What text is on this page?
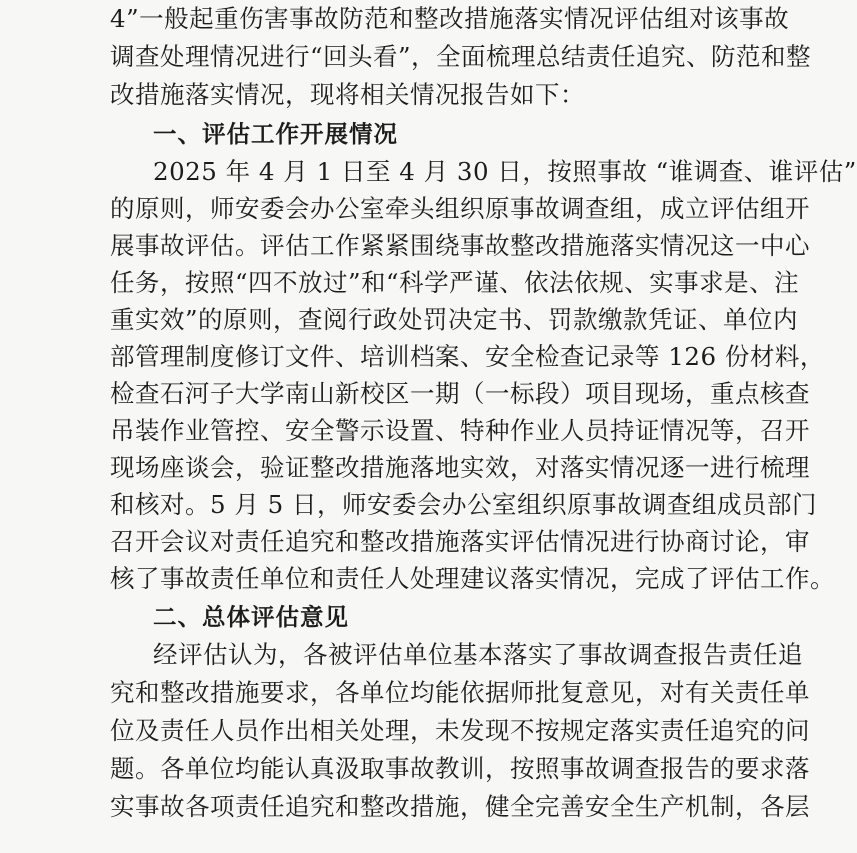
4”一般起重伤害事故防范和整改措施落实情况评估组对该事故
调查处理情况进行“回头看”，全面梳理总结责任追究、防范和整
改措施落实情况，现将相关情况报告如下：
一、评估工作开展情况
2025 年 4 月 1 日至 4 月 30 日，按照事故 “谁调查、谁评估”
的原则，师安委会办公室牵头组织原事故调查组，成立评估组开
展事故评估。评估工作紧紧围绕事故整改措施落实情况这一中心
任务，按照“四不放过”和“科学严谨、依法依规、实事求是、注
重实效”的原则，查阅行政处罚决定书、罚款缴款凭证、单位内
部管理制度修订文件、培训档案、安全检查记录等 126 份材料，
检查石河子大学南山新校区一期（一标段）项目现场，重点核查
吊装作业管控、安全警示设置、特种作业人员持证情况等，召开
现场座谈会，验证整改措施落地实效，对落实情况逐一进行梳理
和核对。5 月 5 日，师安委会办公室组织原事故调查组成员部门
召开会议对责任追究和整改措施落实评估情况进行协商讨论，审
核了事故责任单位和责任人处理建议落实情况，完成了评估工作。
二、总体评估意见
经评估认为，各被评估单位基本落实了事故调查报告责任追
究和整改措施要求，各单位均能依据师批复意见，对有关责任单
位及责任人员作出相关处理，未发现不按规定落实责任追究的问
题。各单位均能认真汲取事故教训，按照事故调查报告的要求落
实事故各项责任追究和整改措施，健全完善安全生产机制，各层
